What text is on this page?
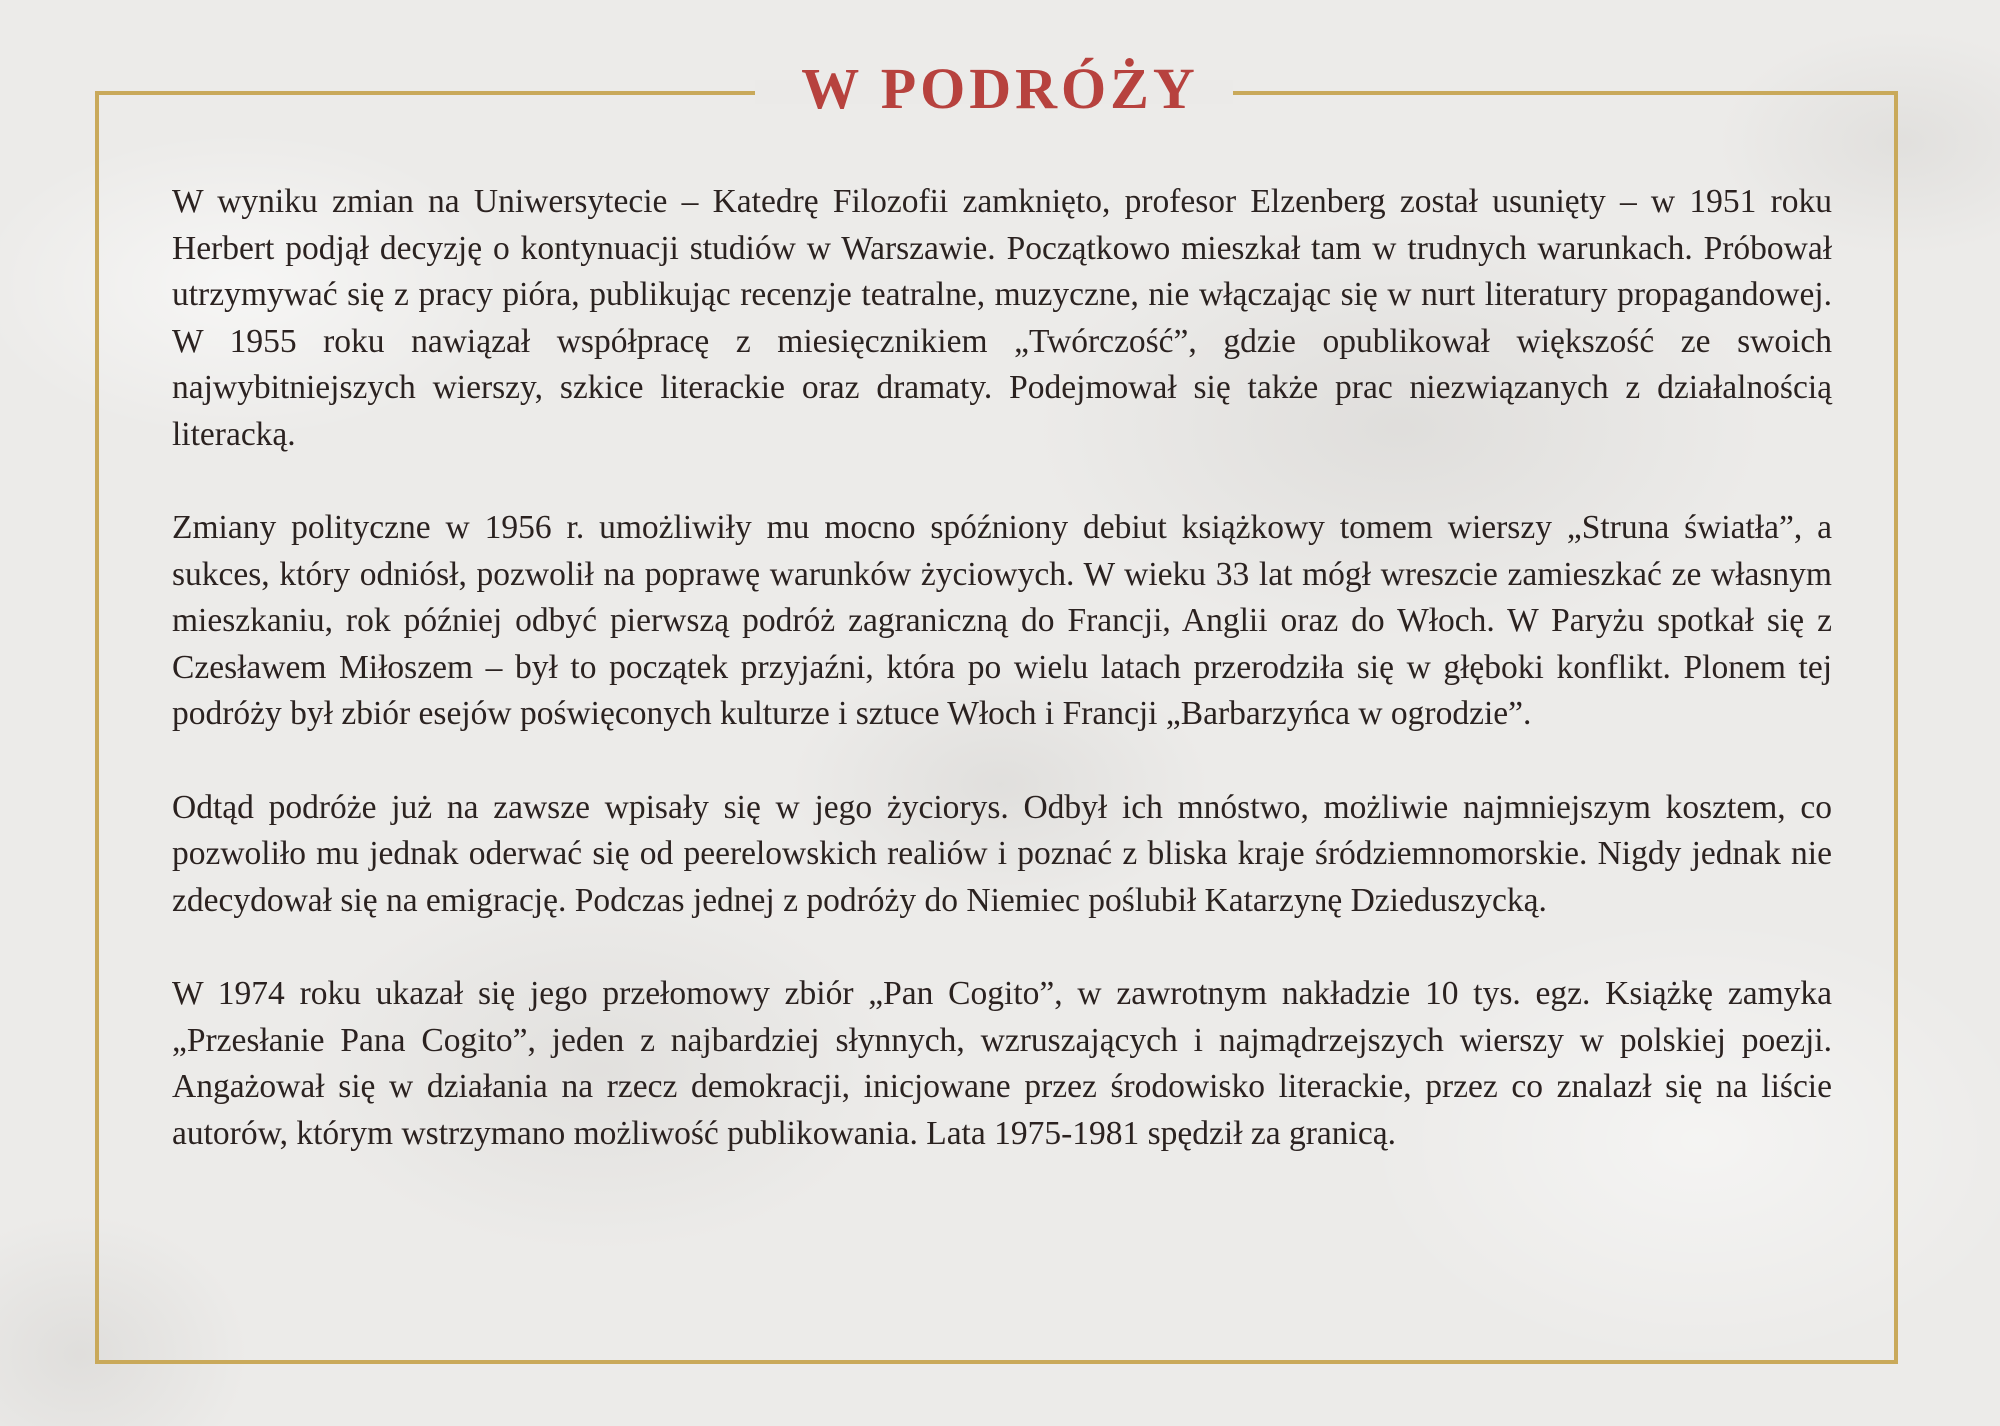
W PODRÓŻY

W wyniku zmian na Uniwersytecie – Katedrę Filozofii zamknięto, profesor Elzenberg został usunięty – w 1951 roku Herbert podjął decyzję o kontynuacji studiów w Warszawie. Początkowo mieszkał tam w trudnych warunkach. Próbował utrzymywać się z pracy pióra, publikując recenzje teatralne, muzyczne, nie włączając się w nurt literatury propagandowej. W 1955 roku nawiązał współpracę z miesięcznikiem „Twórczość”, gdzie opublikował większość ze swoich najwybitniejszych wierszy, szkice literackie oraz dramaty. Podejmował się także prac niezwiązanych z działalnością literacką.

Zmiany polityczne w 1956 r. umożliwiły mu mocno spóźniony debiut książkowy tomem wierszy „Struna światła”, a sukces, który odniósł, pozwolił na poprawę warunków życiowych. W wieku 33 lat mógł wreszcie zamieszkać ze własnym mieszkaniu, rok później odbyć pierwszą podróż zagraniczną do Francji, Anglii oraz do Włoch. W Paryżu spotkał się z Czesławem Miłoszem – był to początek przyjaźni, która po wielu latach przerodziła się w głęboki konflikt. Plonem tej podróży był zbiór esejów poświęconych kulturze i sztuce Włoch i Francji „Barbarzyńca w ogrodzie”.

Odtąd podróże już na zawsze wpisały się w jego życiorys. Odbył ich mnóstwo, możliwie najmniejszym kosztem, co pozwoliło mu jednak oderwać się od peerelowskich realiów i poznać z bliska kraje śródziemnomorskie. Nigdy jednak nie zdecydował się na emigrację. Podczas jednej z podróży do Niemiec poślubił Katarzynę Dzieduszycką.

W 1974 roku ukazał się jego przełomowy zbiór „Pan Cogito”, w zawrotnym nakładzie 10 tys. egz. Książkę zamyka „Przesłanie Pana Cogito”, jeden z najbardziej słynnych, wzruszających i najmądrzejszych wierszy w polskiej poezji. Angażował się w działania na rzecz demokracji, inicjowane przez środowisko literackie, przez co znalazł się na liście autorów, którym wstrzymano możliwość publikowania. Lata 1975-1981 spędził za granicą.
